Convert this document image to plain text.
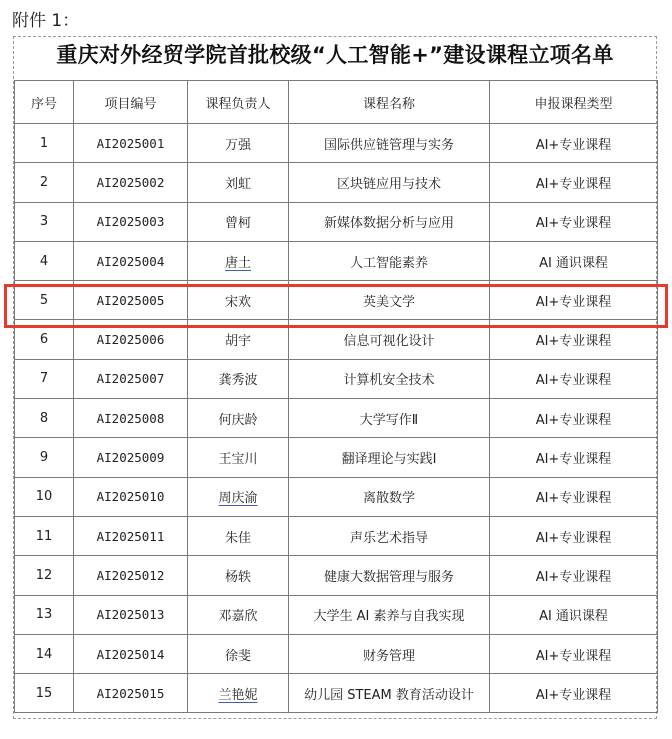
附件 1：
重庆对外经贸学院首批校级“人工智能+”建设课程立项名单
序号	项目编号	课程负责人	课程名称	申报课程类型
1	AI2025001	万强	国际供应链管理与实务	AI+专业课程
2	AI2025002	刘虹	区块链应用与技术	AI+专业课程
3	AI2025003	曾柯	新媒体数据分析与应用	AI+专业课程
4	AI2025004	唐土	人工智能素养	AI 通识课程
5	AI2025005	宋欢	英美文学	AI+专业课程
6	AI2025006	胡宇	信息可视化设计	AI+专业课程
7	AI2025007	龚秀波	计算机安全技术	AI+专业课程
8	AI2025008	何庆龄	大学写作Ⅱ	AI+专业课程
9	AI2025009	王宝川	翻译理论与实践Ⅰ	AI+专业课程
10	AI2025010	周庆渝	离散数学	AI+专业课程
11	AI2025011	朱佳	声乐艺术指导	AI+专业课程
12	AI2025012	杨轶	健康大数据管理与服务	AI+专业课程
13	AI2025013	邓嘉欣	大学生 AI 素养与自我实现	AI 通识课程
14	AI2025014	徐斐	财务管理	AI+专业课程
15	AI2025015	兰艳妮	幼儿园 STEAM 教育活动设计	AI+专业课程
